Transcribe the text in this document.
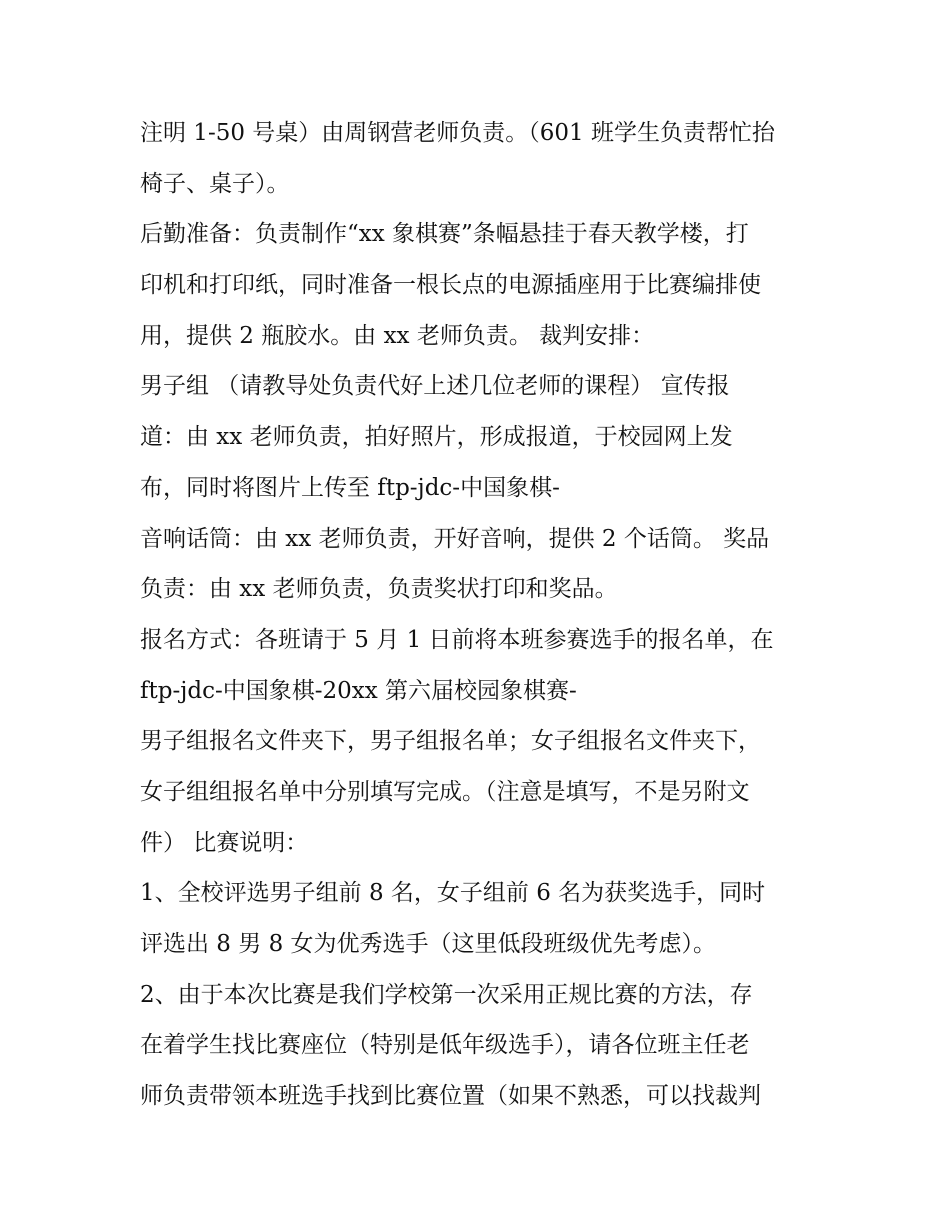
注明 1-50 号桌）由周钢营老师负责。（601 班学生负责帮忙抬
椅子、桌子）。
后勤准备：负责制作“xx 象棋赛”条幅悬挂于春天教学楼，打
印机和打印纸，同时准备一根长点的电源插座用于比赛编排使
用，提供 2 瓶胶水。由 xx 老师负责。 裁判安排：
男子组 （请教导处负责代好上述几位老师的课程） 宣传报
道：由 xx 老师负责，拍好照片，形成报道，于校园网上发
布，同时将图片上传至 ftp-jdc-中国象棋-
音响话筒：由 xx 老师负责，开好音响，提供 2 个话筒。 奖品
负责：由 xx 老师负责，负责奖状打印和奖品。
报名方式：各班请于 5 月 1 日前将本班参赛选手的报名单，在
ftp-jdc-中国象棋-20xx 第六届校园象棋赛-
男子组报名文件夹下，男子组报名单；女子组报名文件夹下，
女子组组报名单中分别填写完成。（注意是填写，不是另附文
件） 比赛说明：
1、全校评选男子组前 8 名，女子组前 6 名为获奖选手，同时
评选出 8 男 8 女为优秀选手（这里低段班级优先考虑）。
2、由于本次比赛是我们学校第一次采用正规比赛的方法，存
在着学生找比赛座位（特别是低年级选手），请各位班主任老
师负责带领本班选手找到比赛位置（如果不熟悉，可以找裁判
